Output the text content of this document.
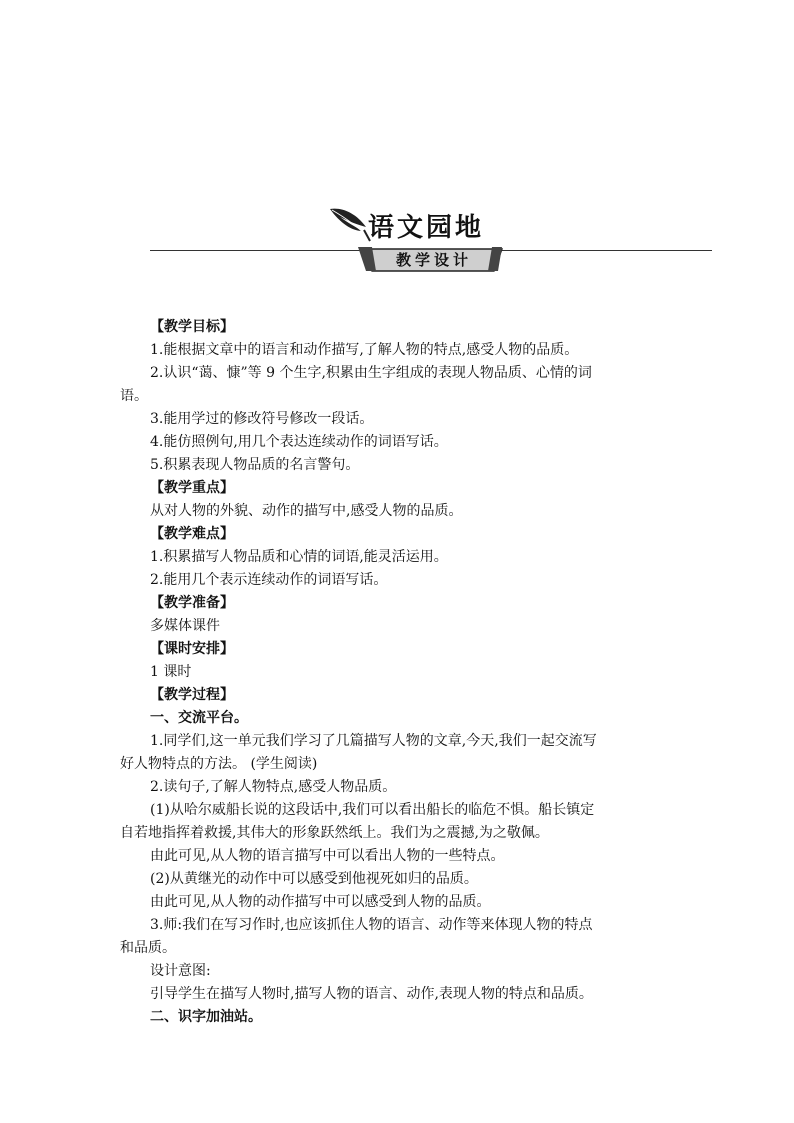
语文园地
教学设计

【教学目标】

1.能根据文章中的语言和动作描写,了解人物的特点,感受人物的品质。

2.认识“蔼、慷”等 9 个生字,积累由生字组成的表现人物品质、心情的词

语。

3.能用学过的修改符号修改一段话。

4.能仿照例句,用几个表达连续动作的词语写话。

5.积累表现人物品质的名言警句。

【教学重点】

从对人物的外貌、动作的描写中,感受人物的品质。

【教学难点】

1.积累描写人物品质和心情的词语,能灵活运用。

2.能用几个表示连续动作的词语写话。

【教学准备】

多媒体课件

【课时安排】

1 课时

【教学过程】

一、交流平台。

1.同学们,这一单元我们学习了几篇描写人物的文章,今天,我们一起交流写

好人物特点的方法。 (学生阅读)

2.读句子,了解人物特点,感受人物品质。

(1)从哈尔威船长说的这段话中,我们可以看出船长的临危不惧。船长镇定

自若地指挥着救援,其伟大的形象跃然纸上。我们为之震撼,为之敬佩。

由此可见,从人物的语言描写中可以看出人物的一些特点。

(2)从黄继光的动作中可以感受到他视死如归的品质。

由此可见,从人物的动作描写中可以感受到人物的品质。

3.师:我们在写习作时,也应该抓住人物的语言、动作等来体现人物的特点

和品质。

设计意图:

引导学生在描写人物时,描写人物的语言、动作,表现人物的特点和品质。

二、识字加油站。
